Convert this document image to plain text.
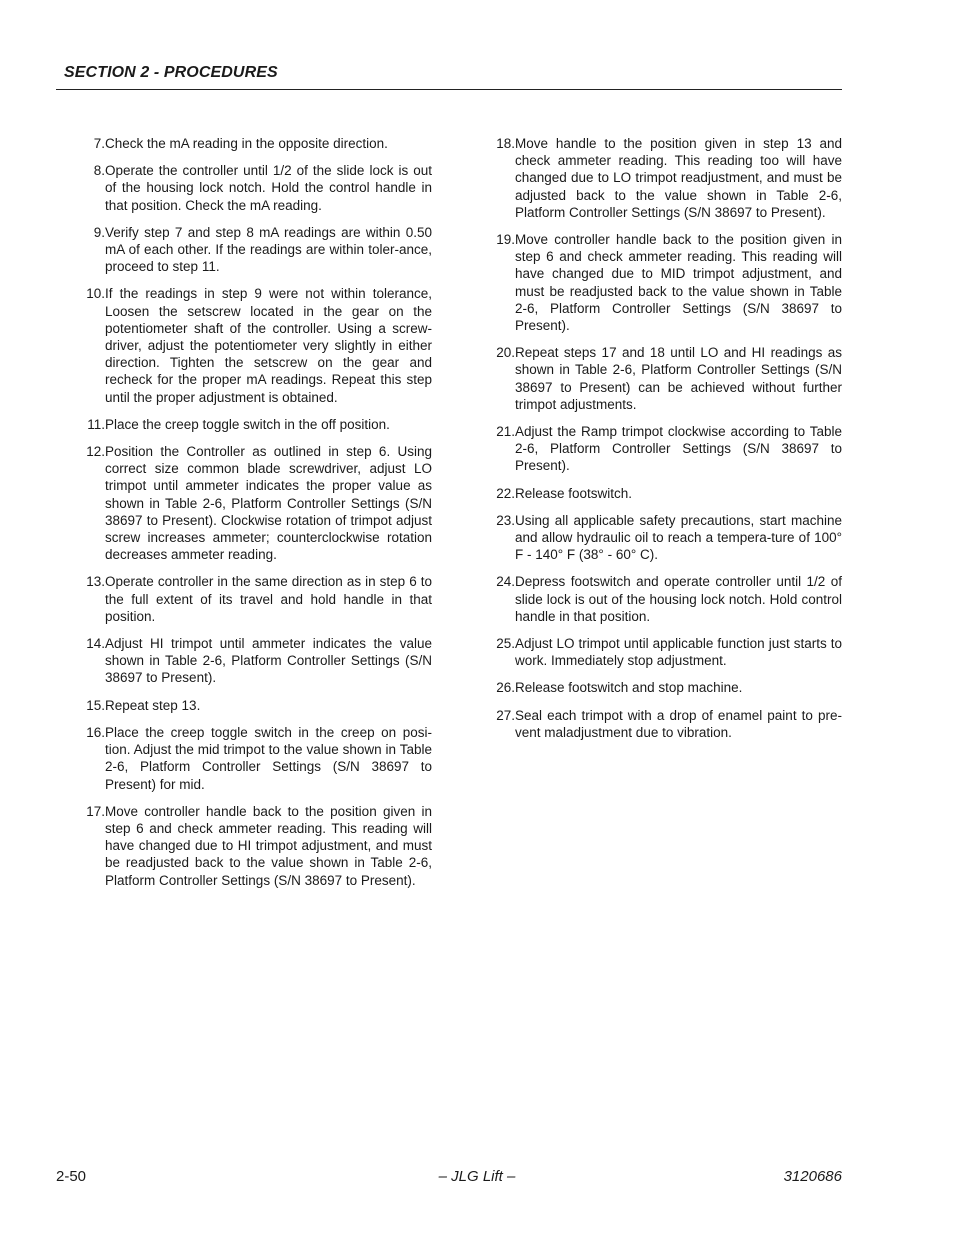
SECTION 2 - PROCEDURES
7. Check the mA reading in the opposite direction.
8. Operate the controller until 1/2 of the slide lock is out of the housing lock notch. Hold the control handle in that position. Check the mA reading.
9. Verify step 7 and step 8 mA readings are within 0.50 mA of each other. If the readings are within toler-ance, proceed to step 11.
10. If the readings in step 9 were not within tolerance, Loosen the setscrew located in the gear on the potentiometer shaft of the controller. Using a screw-driver, adjust the potentiometer very slightly in either direction. Tighten the setscrew on the gear and recheck for the proper mA readings. Repeat this step until the proper adjustment is obtained.
11. Place the creep toggle switch in the off position.
12. Position the Controller as outlined in step 6. Using correct size common blade screwdriver, adjust LO trimpot until ammeter indicates the proper value as shown in Table 2-6, Platform Controller Settings (S/N 38697 to Present). Clockwise rotation of trimpot adjust screw increases ammeter; counterclockwise rotation decreases ammeter reading.
13. Operate controller in the same direction as in step 6 to the full extent of its travel and hold handle in that position.
14. Adjust HI trimpot until ammeter indicates the value shown in Table 2-6, Platform Controller Settings (S/N 38697 to Present).
15. Repeat step 13.
16. Place the creep toggle switch in the creep on posi-tion. Adjust the mid trimpot to the value shown in Table 2-6, Platform Controller Settings (S/N 38697 to Present) for mid.
17. Move controller handle back to the position given in step 6 and check ammeter reading. This reading will have changed due to HI trimpot adjustment, and must be readjusted back to the value shown in Table 2-6, Platform Controller Settings (S/N 38697 to Present).
18. Move handle to the position given in step 13 and check ammeter reading. This reading too will have changed due to LO trimpot readjustment, and must be adjusted back to the value shown in Table 2-6, Platform Controller Settings (S/N 38697 to Present).
19. Move controller handle back to the position given in step 6 and check ammeter reading. This reading will have changed due to MID trimpot adjustment, and must be readjusted back to the value shown in Table 2-6, Platform Controller Settings (S/N 38697 to Present).
20. Repeat steps 17 and 18 until LO and HI readings as shown in Table 2-6, Platform Controller Settings (S/N 38697 to Present) can be achieved without further trimpot adjustments.
21. Adjust the Ramp trimpot clockwise according to Table 2-6, Platform Controller Settings (S/N 38697 to Present).
22. Release footswitch.
23. Using all applicable safety precautions, start machine and allow hydraulic oil to reach a tempera-ture of 100° F - 140° F (38° - 60° C).
24. Depress footswitch and operate controller until 1/2 of slide lock is out of the housing lock notch. Hold control handle in that position.
25. Adjust LO trimpot until applicable function just starts to work. Immediately stop adjustment.
26. Release footswitch and stop machine.
27. Seal each trimpot with a drop of enamel paint to pre-vent maladjustment due to vibration.
2-50	– JLG Lift –	3120686
